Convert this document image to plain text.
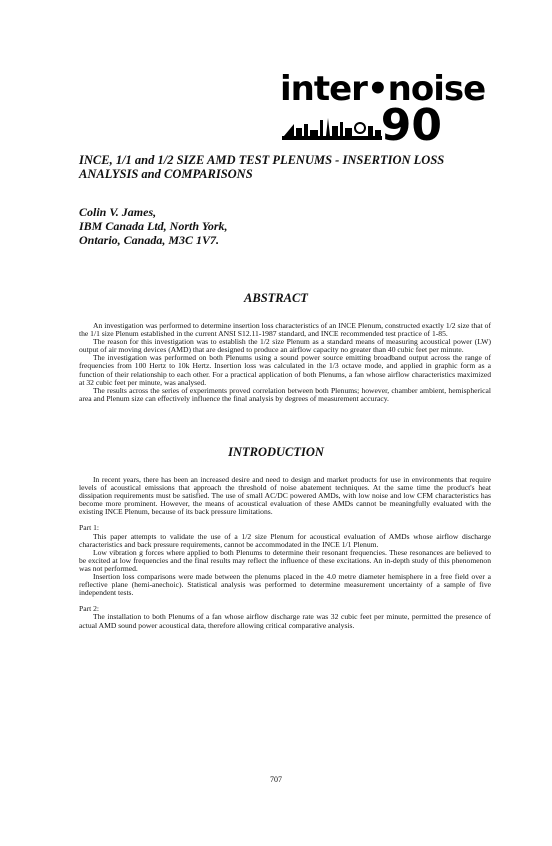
inter•noise
90
INCE, 1/1 and 1/2 SIZE AMD TEST PLENUMS - INSERTION LOSS ANALYSIS and COMPARISONS
Colin V. James,
IBM Canada Ltd, North York,
Ontario, Canada, M3C 1V7.
ABSTRACT

An investigation was performed to determine insertion loss characteristics of an INCE Plenum, constructed exactly 1/2 size that of the 1/1 size Plenum established in the current ANSI S12.11-1987 standard, and INCE recommended test practice of 1-85.

The reason for this investigation was to establish the 1/2 size Plenum as a standard means of measuring acoustical power (LW) output of air moving devices (AMD) that are designed to produce an airflow capacity no greater than 40 cubic feet per minute.

The investigation was performed on both Plenums using a sound power source emitting broadband output across the range of frequencies from 100 Hertz to 10k Hertz. Insertion loss was calculated in the 1/3 octave mode, and applied in graphic form as a function of their relationship to each other. For a practical application of both Plenums, a fan whose airflow characteristics maximized at 32 cubic feet per minute, was analysed.

The results across the series of experiments proved correlation between both Plenums; however, chamber ambient, hemispherical area and Plenum size can effectively influence the final analysis by degrees of measurement accuracy.

INTRODUCTION

In recent years, there has been an increased desire and need to design and market products for use in environments that require levels of acoustical emissions that approach the threshold of noise abatement techniques. At the same time the product's heat dissipation requirements must be satisfied. The use of small AC/DC powered AMDs, with low noise and low CFM characteristics has become more prominent. However, the means of acoustical evaluation of these AMDs cannot be meaningfully evaluated with the existing INCE Plenum, because of its back pressure limitations.

Part 1:

This paper attempts to validate the use of a 1/2 size Plenum for acoustical evaluation of AMDs whose airflow discharge characteristics and back pressure requirements, cannot be accommodated in the INCE 1/1 Plenum.

Low vibration g forces where applied to both Plenums to determine their resonant frequencies. These resonances are believed to be excited at low frequencies and the final results may reflect the influence of these excitations. An in-depth study of this phenomenon was not performed.

Insertion loss comparisons were made between the plenums placed in the 4.0 metre diameter hemisphere in a free field over a reflective plane (hemi-anechoic). Statistical analysis was performed to determine measurement uncertainty of a sample of five independent tests.

Part 2:

The installation to both Plenums of a fan whose airflow discharge rate was 32 cubic feet per minute, permitted the presence of actual AMD sound power acoustical data, therefore allowing critical comparative analysis.

707
